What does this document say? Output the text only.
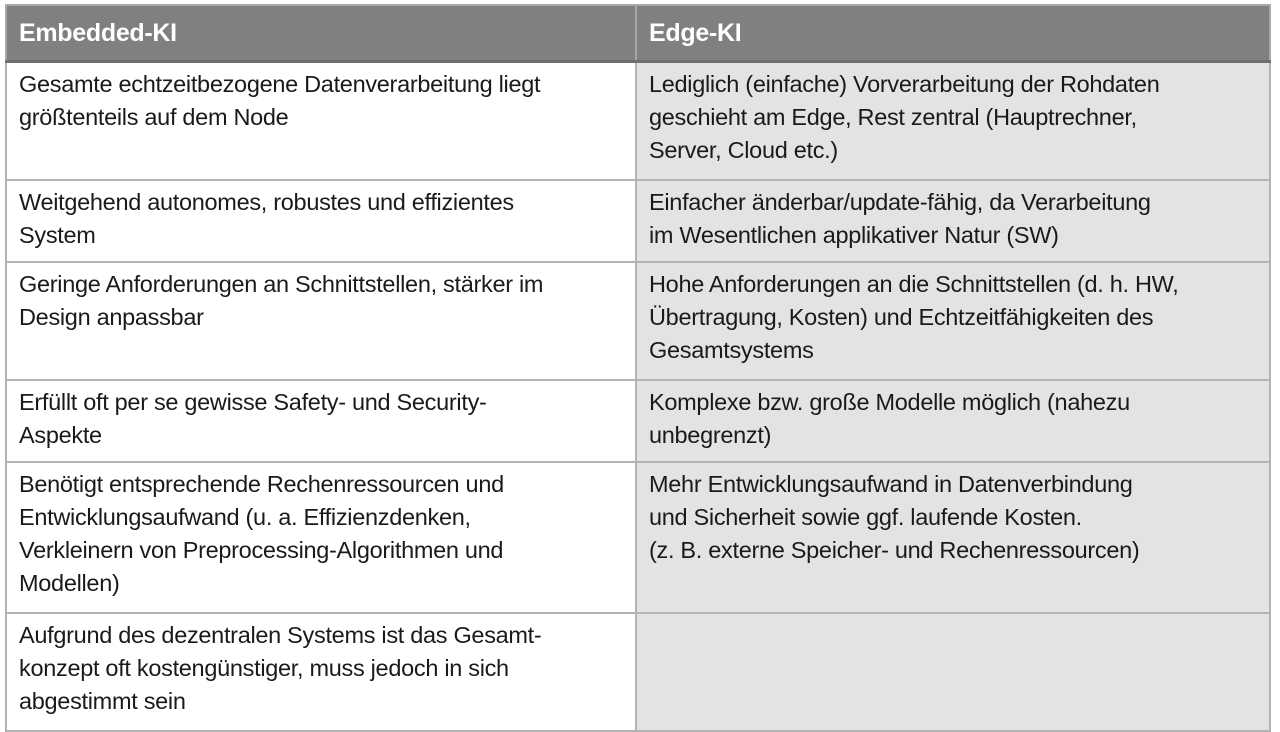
Embedded-KI	Edge-KI

Gesamte echtzeitbezogene Datenverarbeitung liegt
größtenteils auf dem Node	Lediglich (einfache) Vorverarbeitung der Rohdaten
geschieht am Edge, Rest zentral (Hauptrechner,
Server, Cloud etc.)

Weitgehend autonomes, robustes und effizientes
System	Einfacher änderbar/update-fähig, da Verarbeitung
im Wesentlichen applikativer Natur (SW)

Geringe Anforderungen an Schnittstellen, stärker im
Design anpassbar	Hohe Anforderungen an die Schnittstellen (d. h. HW,
Übertragung, Kosten) und Echtzeitfähigkeiten des
Gesamtsystems

Erfüllt oft per se gewisse Safety- und Security-
Aspekte	Komplexe bzw. große Modelle möglich (nahezu
unbegrenzt)

Benötigt entsprechende Rechenressourcen und
Entwicklungsaufwand (u. a. Effizienzdenken,
Verkleinern von Preprocessing-Algorithmen und
Modellen)	Mehr Entwicklungsaufwand in Datenverbindung
und Sicherheit sowie ggf. laufende Kosten.
(z. B. externe Speicher- und Rechenressourcen)

Aufgrund des dezentralen Systems ist das Gesamt-
konzept oft kostengünstiger, muss jedoch in sich
abgestimmt sein	
